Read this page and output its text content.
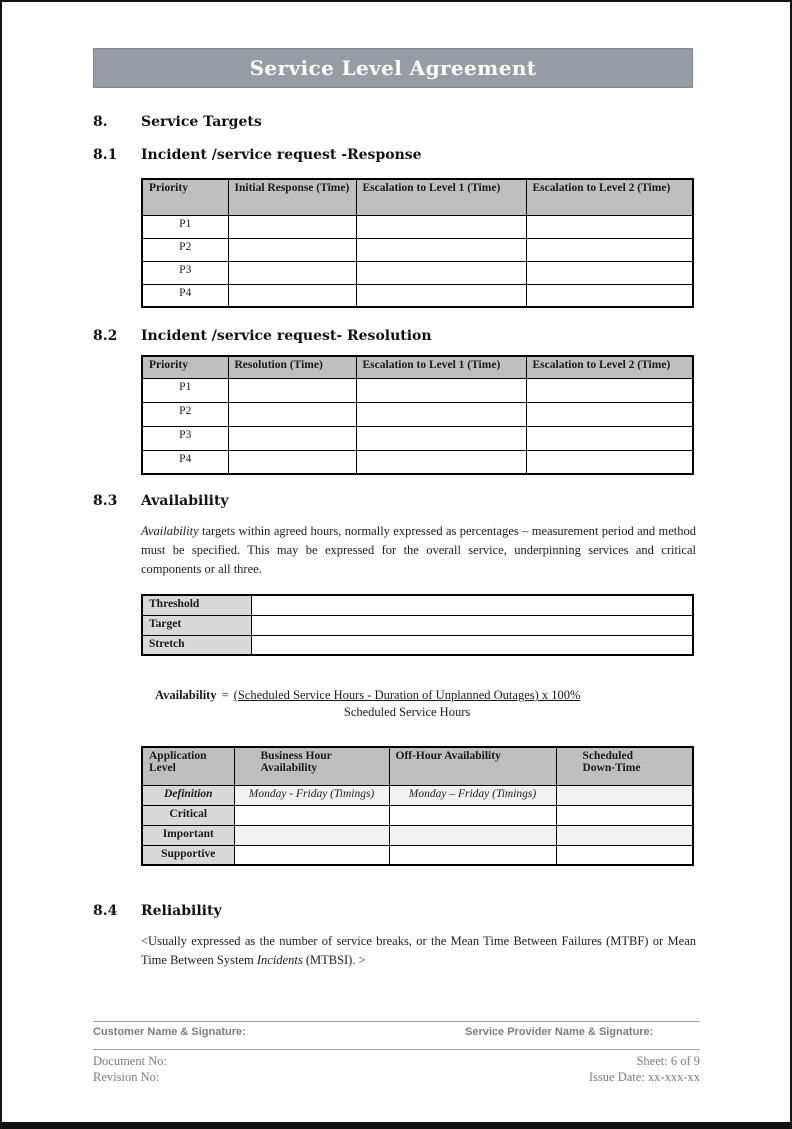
Service Level Agreement
8.	Service Targets
8.1	Incident /service request -Response
Priority	Initial Response (Time)	Escalation to Level 1 (Time)	Escalation to Level 2 (Time)
P1			
P2			
P3			
P4			
8.2	Incident /service request- Resolution
Priority	Resolution (Time)	Escalation to Level 1 (Time)	Escalation to Level 2 (Time)
P1			
P2			
P3			
P4			
8.3	Availability

Availability targets within agreed hours, normally expressed as percentages – measurement period and method must be specified. This may be expressed for the overall service, underpinning services and critical components or all three.

Threshold	
Target	
Stretch	
Availability = (Scheduled Service Hours - Duration of Unplanned Outages) x 100%
Scheduled Service Hours
Application Level	Business Hour Availability	Off-Hour Availability	Scheduled Down-Time
Definition	Monday - Friday (Timings)	Monday – Friday (Timings)	
Critical			
Important			
Supportive			
8.4	Reliability

<Usually expressed as the number of service breaks, or the Mean Time Between Failures (MTBF) or Mean Time Between System Incidents (MTBSI). >

Customer Name & Signature:	Service Provider Name & Signature:
Document No:
Revision No:
Sheet: 6 of 9
Issue Date: xx-xxx-xx
